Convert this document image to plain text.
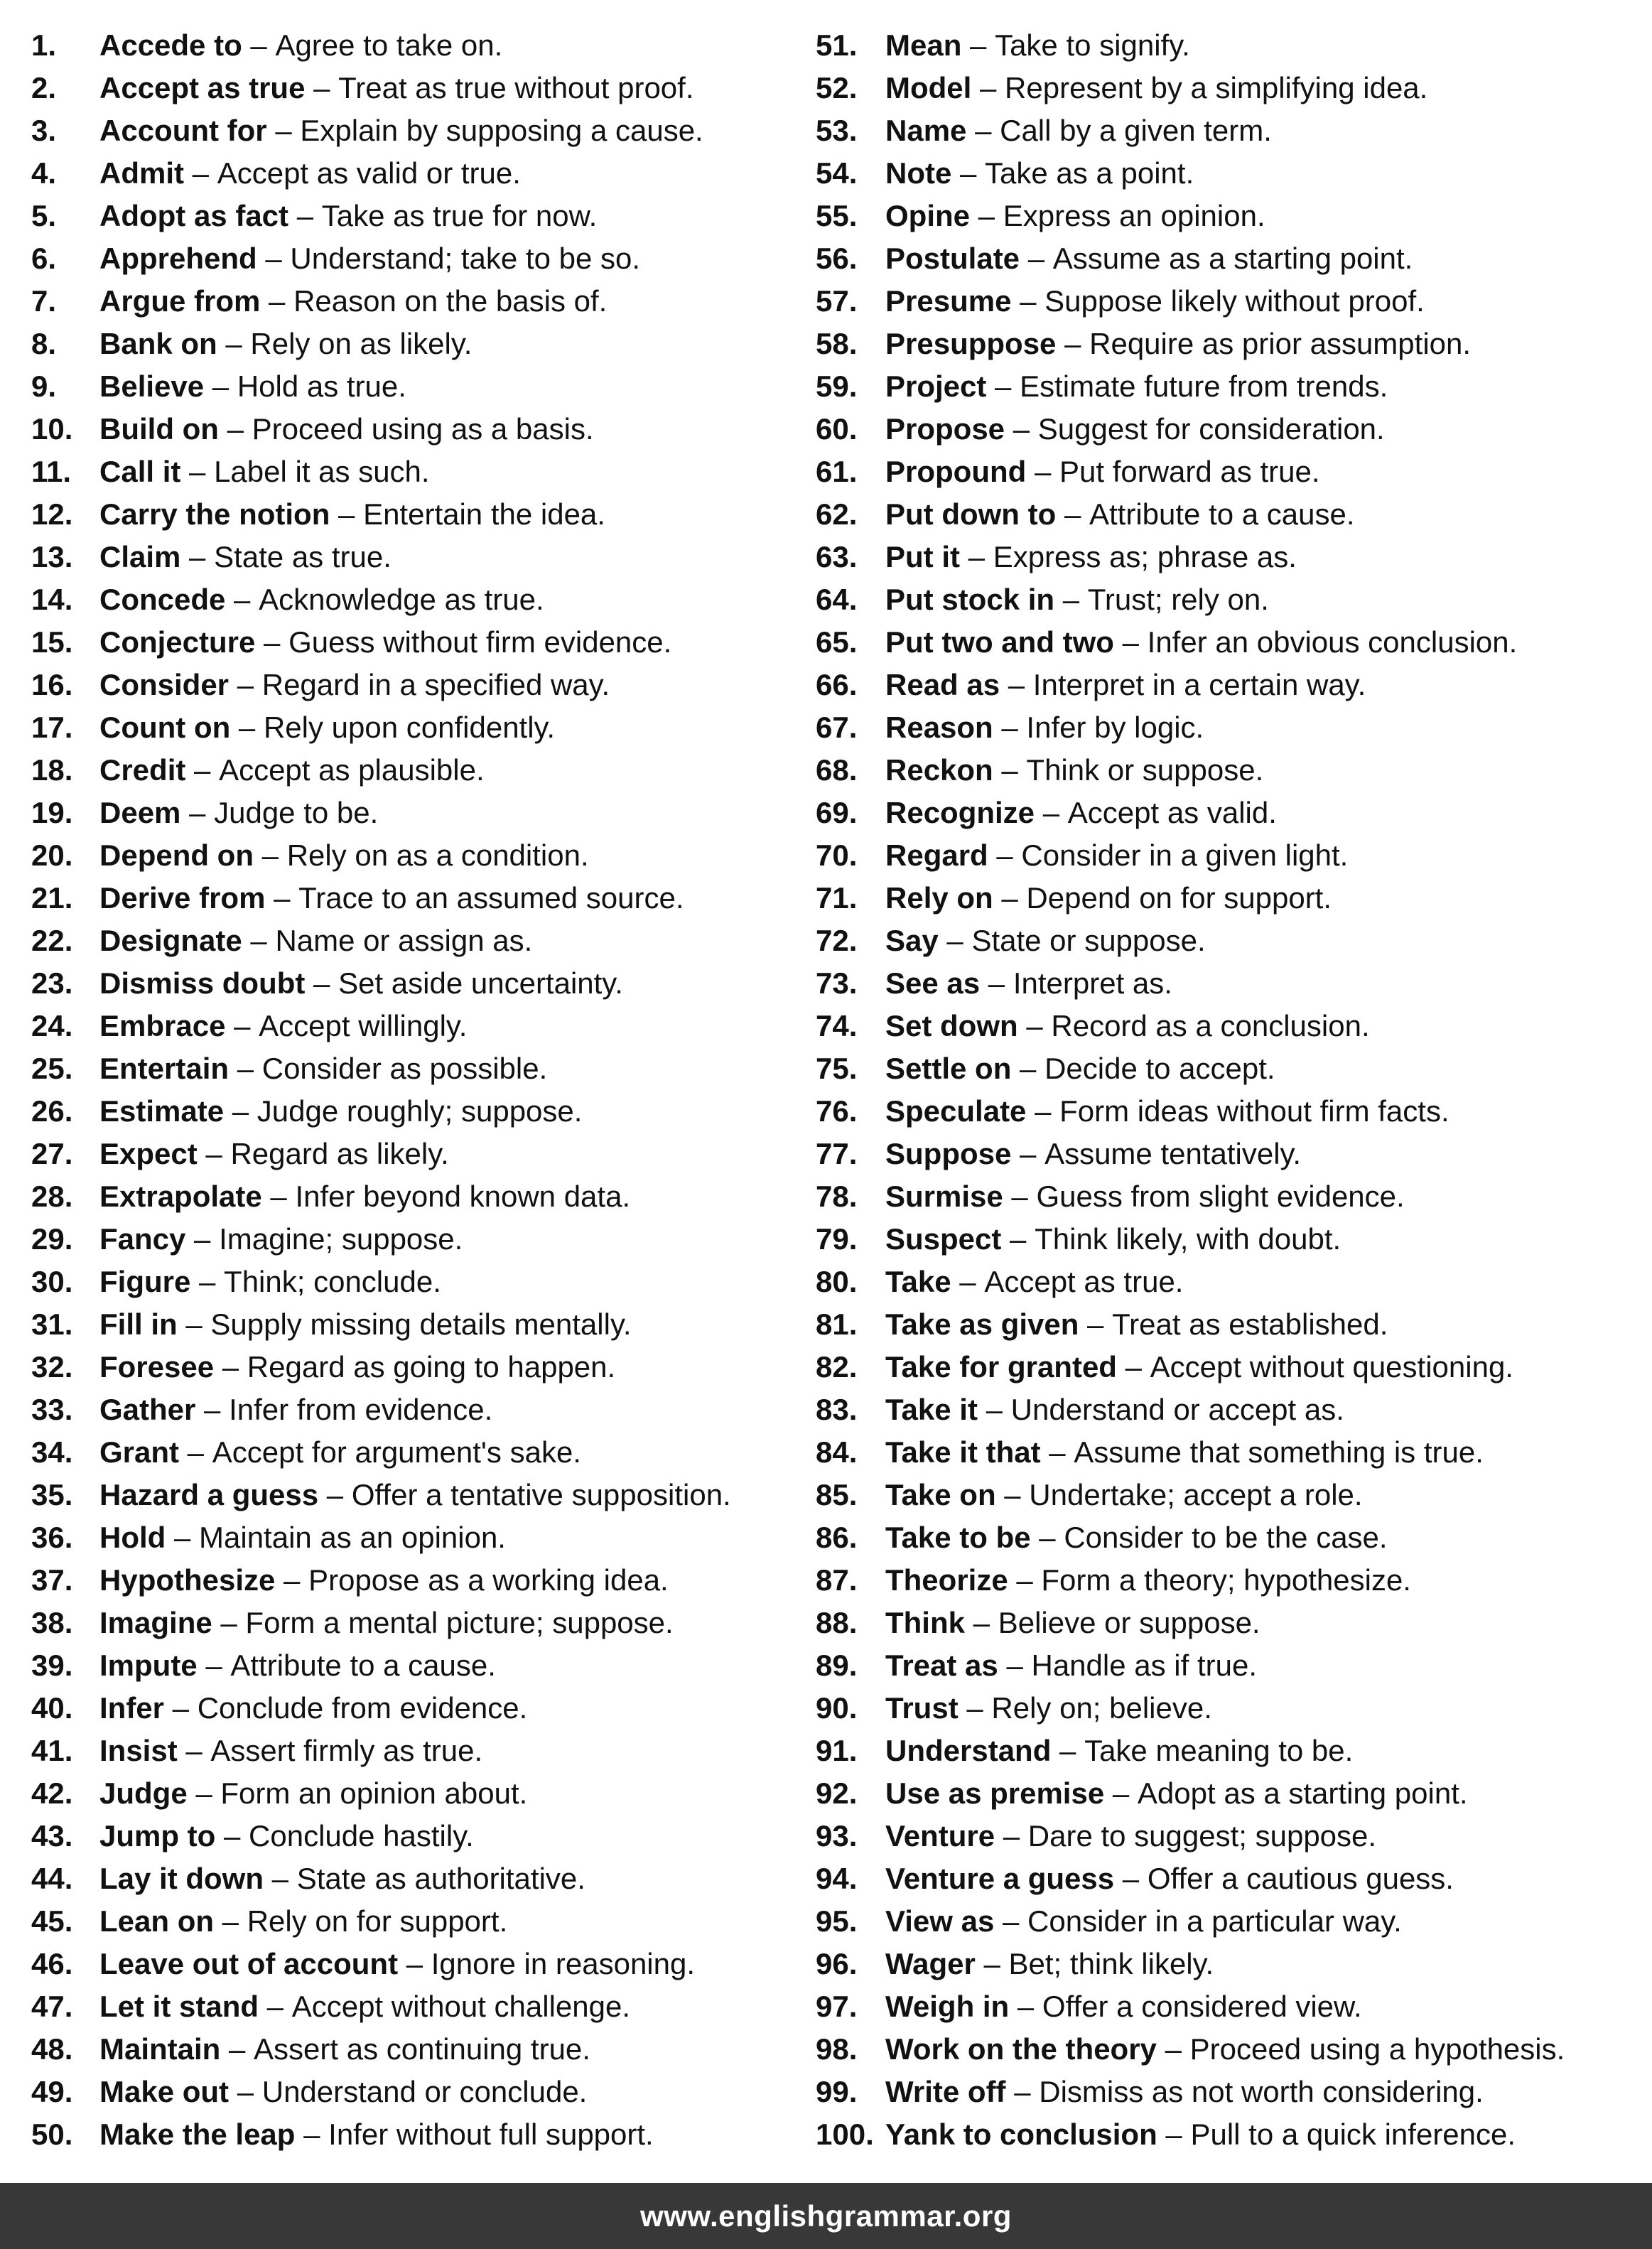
1.	Accede to – Agree to take on.
2.	Accept as true – Treat as true without proof.
3.	Account for – Explain by supposing a cause.
4.	Admit – Accept as valid or true.
5.	Adopt as fact – Take as true for now.
6.	Apprehend – Understand; take to be so.
7.	Argue from – Reason on the basis of.
8.	Bank on – Rely on as likely.
9.	Believe – Hold as true.
10. Build on – Proceed using as a basis.
11. Call it – Label it as such.
12. Carry the notion – Entertain the idea.
13. Claim – State as true.
14. Concede – Acknowledge as true.
15. Conjecture – Guess without firm evidence.
16. Consider – Regard in a specified way.
17. Count on – Rely upon confidently.
18. Credit – Accept as plausible.
19. Deem – Judge to be.
20. Depend on – Rely on as a condition.
21. Derive from – Trace to an assumed source.
22. Designate – Name or assign as.
23. Dismiss doubt – Set aside uncertainty.
24. Embrace – Accept willingly.
25. Entertain – Consider as possible.
26. Estimate – Judge roughly; suppose.
27. Expect – Regard as likely.
28. Extrapolate – Infer beyond known data.
29. Fancy – Imagine; suppose.
30. Figure – Think; conclude.
31. Fill in – Supply missing details mentally.
32. Foresee – Regard as going to happen.
33. Gather – Infer from evidence.
34. Grant – Accept for argument's sake.
35. Hazard a guess – Offer a tentative supposition.
36. Hold – Maintain as an opinion.
37. Hypothesize – Propose as a working idea.
38. Imagine – Form a mental picture; suppose.
39. Impute – Attribute to a cause.
40. Infer – Conclude from evidence.
41. Insist – Assert firmly as true.
42. Judge – Form an opinion about.
43. Jump to – Conclude hastily.
44. Lay it down – State as authoritative.
45. Lean on – Rely on for support.
46. Leave out of account – Ignore in reasoning.
47. Let it stand – Accept without challenge.
48. Maintain – Assert as continuing true.
49. Make out – Understand or conclude.
50. Make the leap – Infer without full support.
51. Mean – Take to signify.
52. Model – Represent by a simplifying idea.
53. Name – Call by a given term.
54. Note – Take as a point.
55. Opine – Express an opinion.
56. Postulate – Assume as a starting point.
57. Presume – Suppose likely without proof.
58. Presuppose – Require as prior assumption.
59. Project – Estimate future from trends.
60. Propose – Suggest for consideration.
61. Propound – Put forward as true.
62. Put down to – Attribute to a cause.
63. Put it – Express as; phrase as.
64. Put stock in – Trust; rely on.
65. Put two and two – Infer an obvious conclusion.
66. Read as – Interpret in a certain way.
67. Reason – Infer by logic.
68. Reckon – Think or suppose.
69. Recognize – Accept as valid.
70. Regard – Consider in a given light.
71. Rely on – Depend on for support.
72. Say – State or suppose.
73. See as – Interpret as.
74. Set down – Record as a conclusion.
75. Settle on – Decide to accept.
76. Speculate – Form ideas without firm facts.
77. Suppose – Assume tentatively.
78. Surmise – Guess from slight evidence.
79. Suspect – Think likely, with doubt.
80. Take – Accept as true.
81. Take as given – Treat as established.
82. Take for granted – Accept without questioning.
83. Take it – Understand or accept as.
84. Take it that – Assume that something is true.
85. Take on – Undertake; accept a role.
86. Take to be – Consider to be the case.
87. Theorize – Form a theory; hypothesize.
88. Think – Believe or suppose.
89. Treat as – Handle as if true.
90. Trust – Rely on; believe.
91. Understand – Take meaning to be.
92. Use as premise – Adopt as a starting point.
93. Venture – Dare to suggest; suppose.
94. Venture a guess – Offer a cautious guess.
95. View as – Consider in a particular way.
96. Wager – Bet; think likely.
97. Weigh in – Offer a considered view.
98. Work on the theory – Proceed using a hypothesis.
99. Write off – Dismiss as not worth considering.
100. Yank to conclusion – Pull to a quick inference.
www.englishgrammar.org
